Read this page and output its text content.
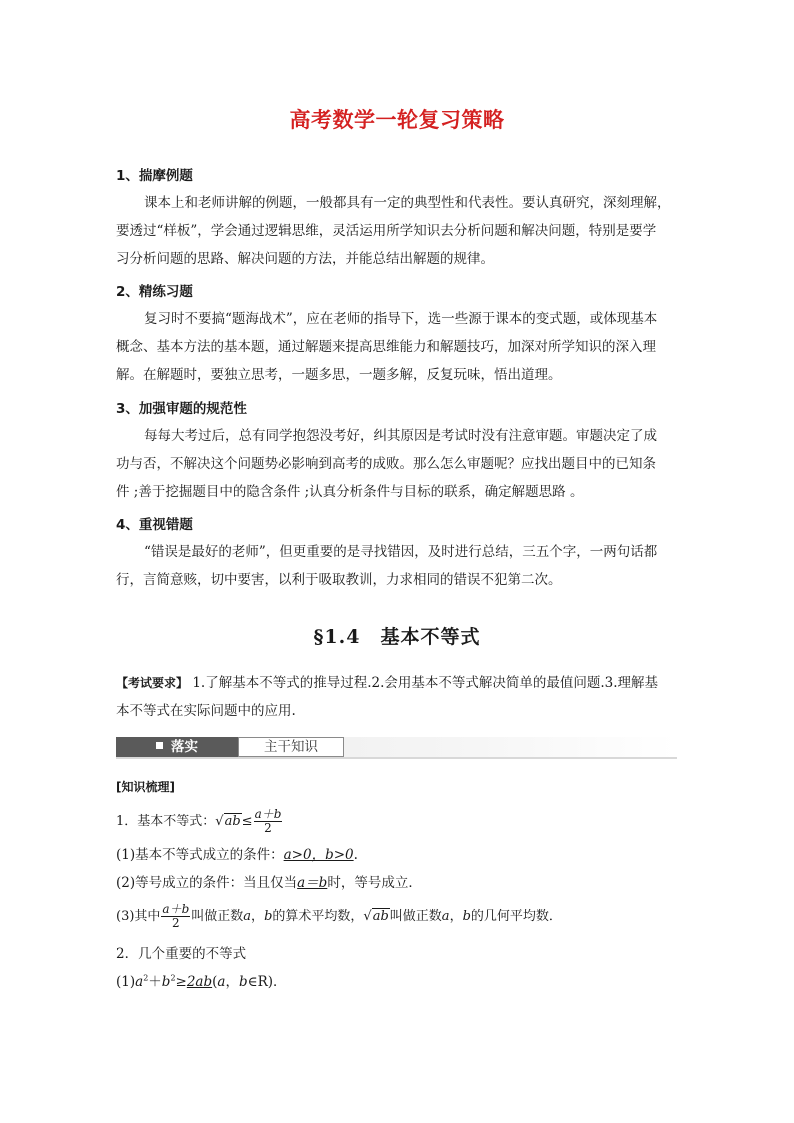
高考数学一轮复习策略
1、揣摩例题
课本上和老师讲解的例题，一般都具有一定的典型性和代表性。要认真研究，深刻理解，
要透过“样板”，学会通过逻辑思维，灵活运用所学知识去分析问题和解决问题，特别是要学
习分析问题的思路、解决问题的方法，并能总结出解题的规律。
2、精练习题
复习时不要搞“题海战术”，应在老师的指导下，选一些源于课本的变式题，或体现基本
概念、基本方法的基本题，通过解题来提高思维能力和解题技巧，加深对所学知识的深入理
解。在解题时，要独立思考，一题多思，一题多解，反复玩味，悟出道理。
3、加强审题的规范性
每每大考过后，总有同学抱怨没考好，纠其原因是考试时没有注意审题。审题决定了成
功与否，不解决这个问题势必影响到高考的成败。那么怎么审题呢？应找出题目中的已知条
件 ;善于挖掘题目中的隐含条件 ;认真分析条件与目标的联系，确定解题思路 。
4、重视错题
“错误是最好的老师”，但更重要的是寻找错因，及时进行总结，三五个字，一两句话都
行，言简意赅，切中要害，以利于吸取教训，力求相同的错误不犯第二次。
§1.4　基本不等式
【考试要求】 1.了解基本不等式的推导过程.2.会用基本不等式解决简单的最值问题.3.理解基
本不等式在实际问题中的应用.
落实	主干知识
[知识梳理]
1．基本不等式：$√ab\le \frac{a+b}{2}$
(1)基本不等式成立的条件：a>0，b>0.
(2)等号成立的条件：当且仅当a＝b时，等号成立．
(3)其中 $\frac{a+b}{2}$ 叫做正数a，b的算术平均数，√ab叫做正数a，b的几何平均数．
2．几个重要的不等式
$(1)a^2+b^2\ge 2ab(a$，b∈R)．
